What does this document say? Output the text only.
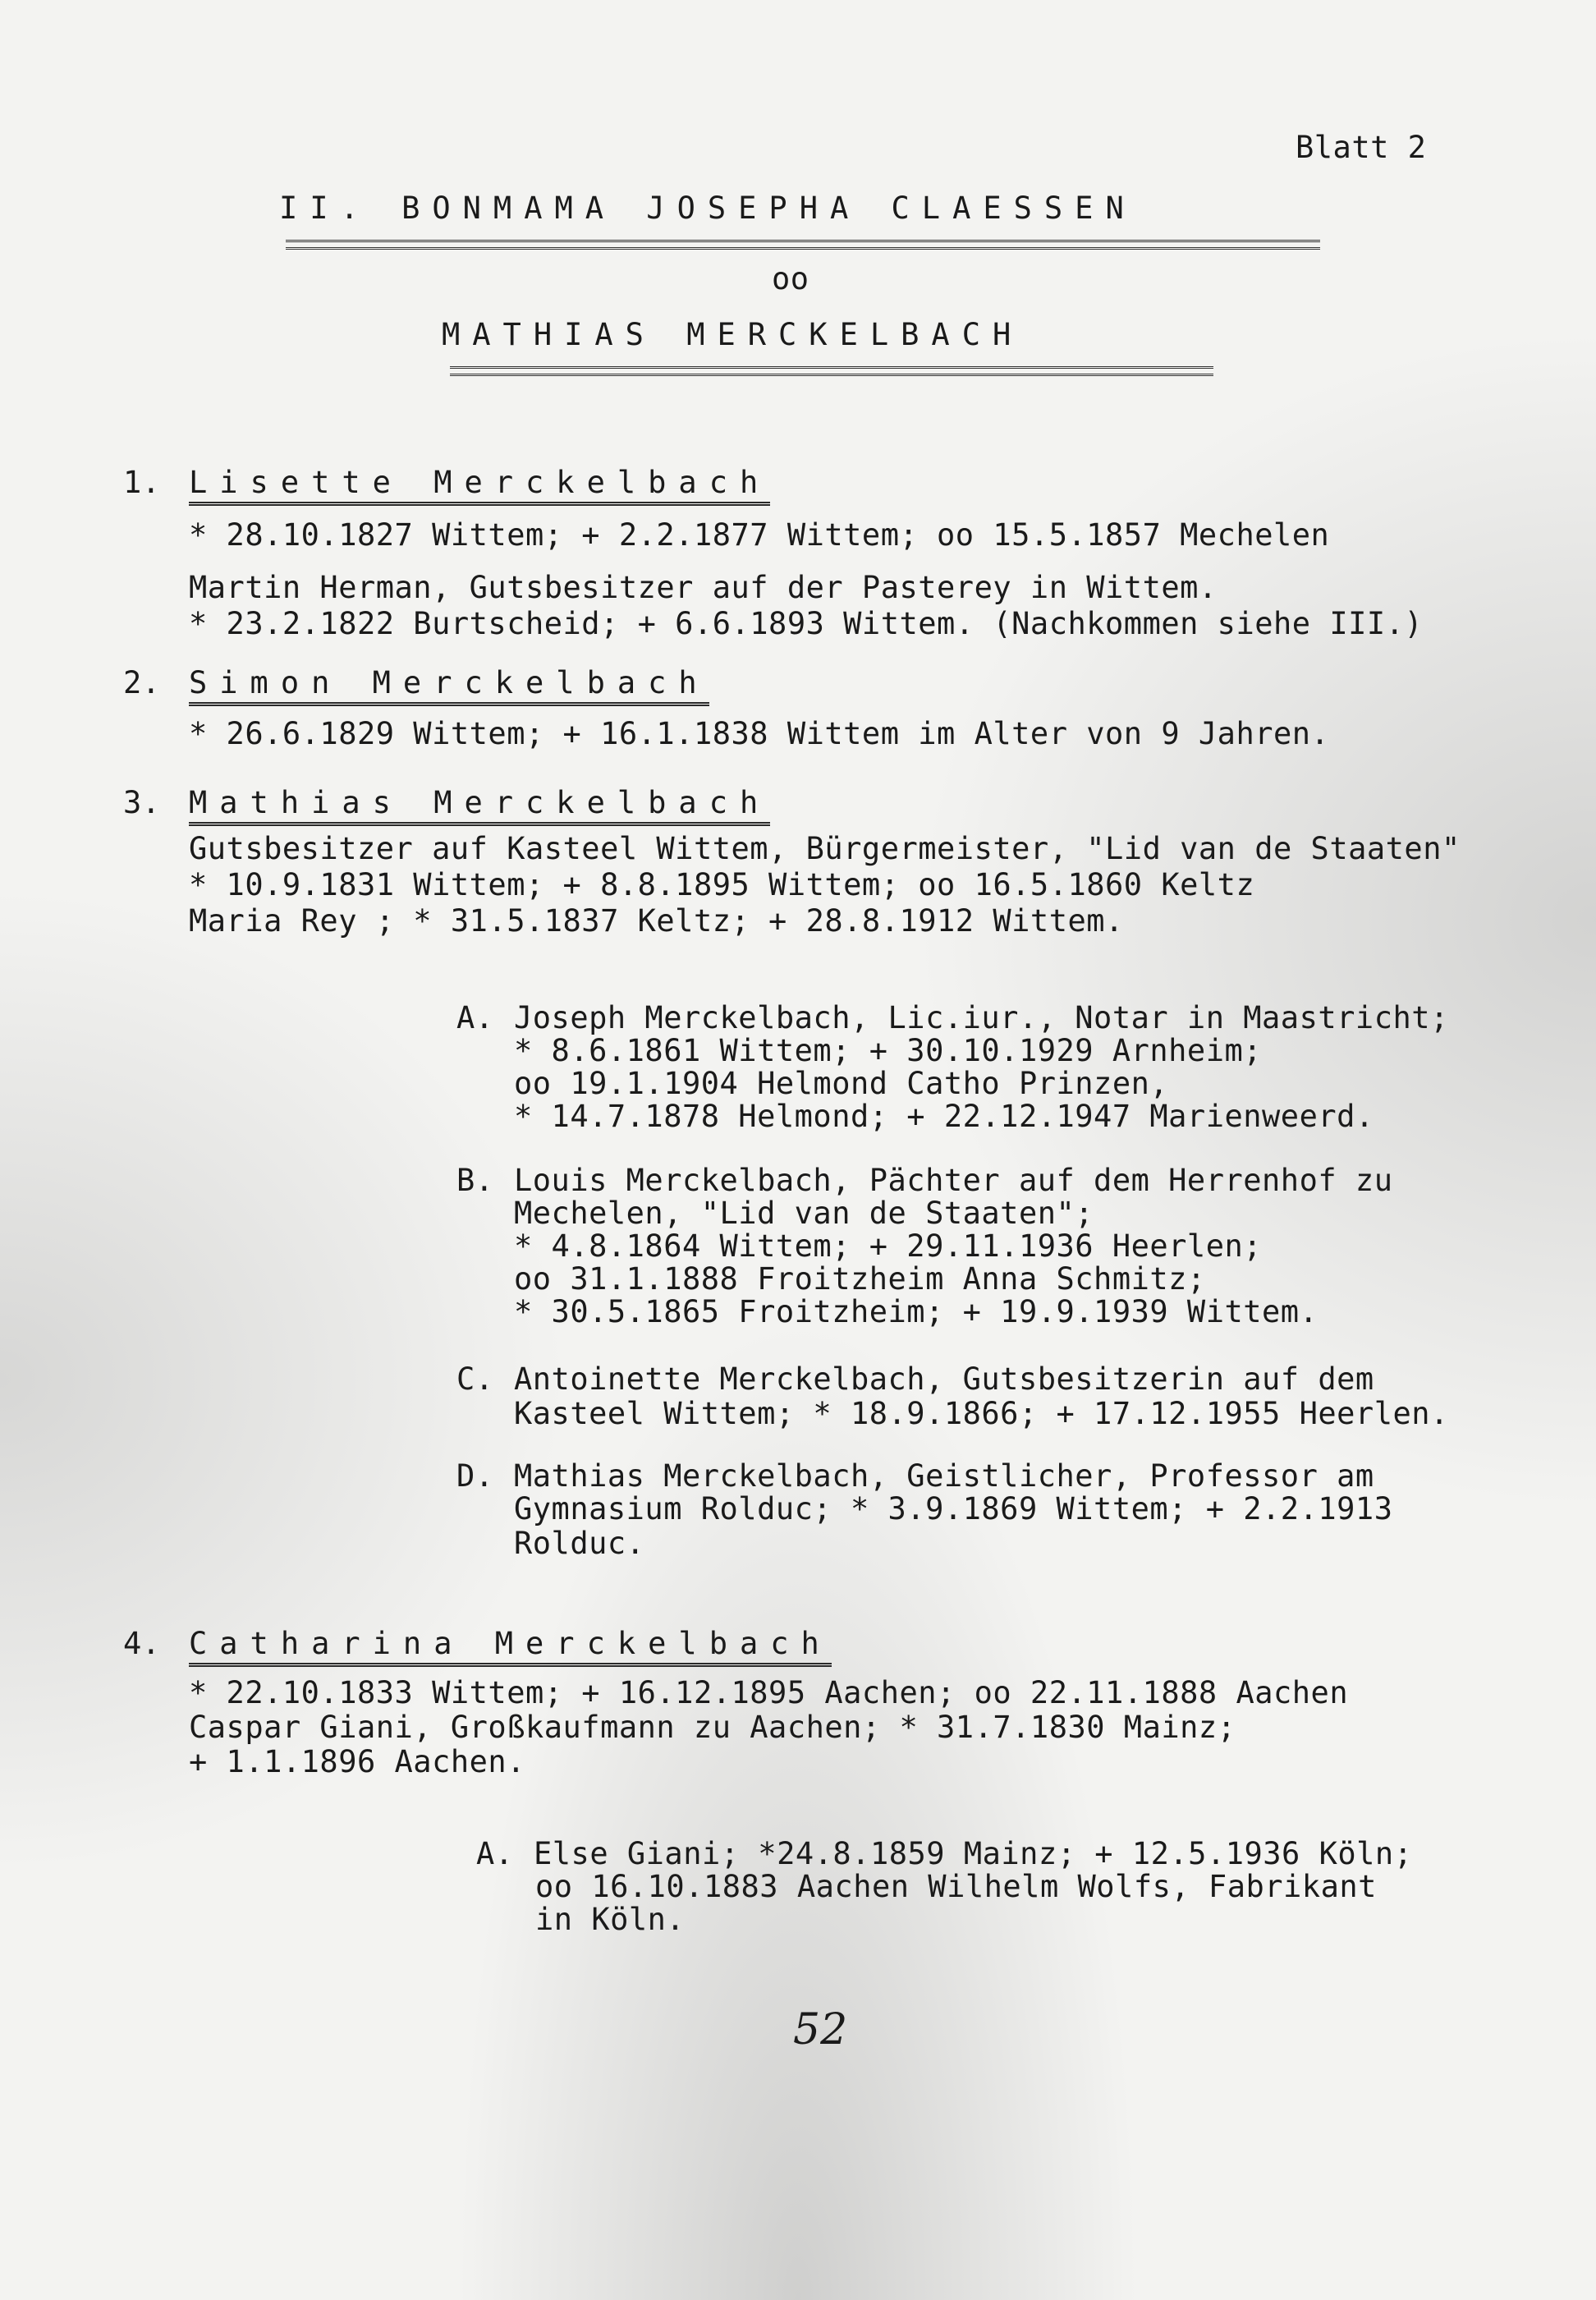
Blatt 2
II. BONMAMA JOSEPHA CLAESSEN
oo
MATHIAS MERCKELBACH
1. Lisette Merckelbach
* 28.10.1827 Wittem; + 2.2.1877 Wittem; oo 15.5.1857 Mechelen
Martin Herman, Gutsbesitzer auf der Pasterey in Wittem.
* 23.2.1822 Burtscheid; + 6.6.1893 Wittem. (Nachkommen siehe III.)
2. Simon Merckelbach
* 26.6.1829 Wittem; + 16.1.1838 Wittem im Alter von 9 Jahren.
3. Mathias Merckelbach
Gutsbesitzer auf Kasteel Wittem, Bürgermeister, "Lid van de Staaten"
* 10.9.1831 Wittem; + 8.8.1895 Wittem; oo 16.5.1860 Keltz
Maria Rey ; * 31.5.1837 Keltz; + 28.8.1912 Wittem.
A. Joseph Merckelbach, Lic.iur., Notar in Maastricht;
* 8.6.1861 Wittem; + 30.10.1929 Arnheim;
oo 19.1.1904 Helmond Catho Prinzen,
* 14.7.1878 Helmond; + 22.12.1947 Marienweerd.
B. Louis Merckelbach, Pächter auf dem Herrenhof zu
Mechelen, "Lid van de Staaten";
* 4.8.1864 Wittem; + 29.11.1936 Heerlen;
oo 31.1.1888 Froitzheim Anna Schmitz;
* 30.5.1865 Froitzheim; + 19.9.1939 Wittem.
C. Antoinette Merckelbach, Gutsbesitzerin auf dem
Kasteel Wittem; * 18.9.1866; + 17.12.1955 Heerlen.
D. Mathias Merckelbach, Geistlicher, Professor am
Gymnasium Rolduc; * 3.9.1869 Wittem; + 2.2.1913
Rolduc.
4. Catharina Merckelbach
* 22.10.1833 Wittem; + 16.12.1895 Aachen; oo 22.11.1888 Aachen
Caspar Giani, Großkaufmann zu Aachen; * 31.7.1830 Mainz;
+ 1.1.1896 Aachen.
A. Else Giani; *24.8.1859 Mainz; + 12.5.1936 Köln;
oo 16.10.1883 Aachen Wilhelm Wolfs, Fabrikant
in Köln.
52
